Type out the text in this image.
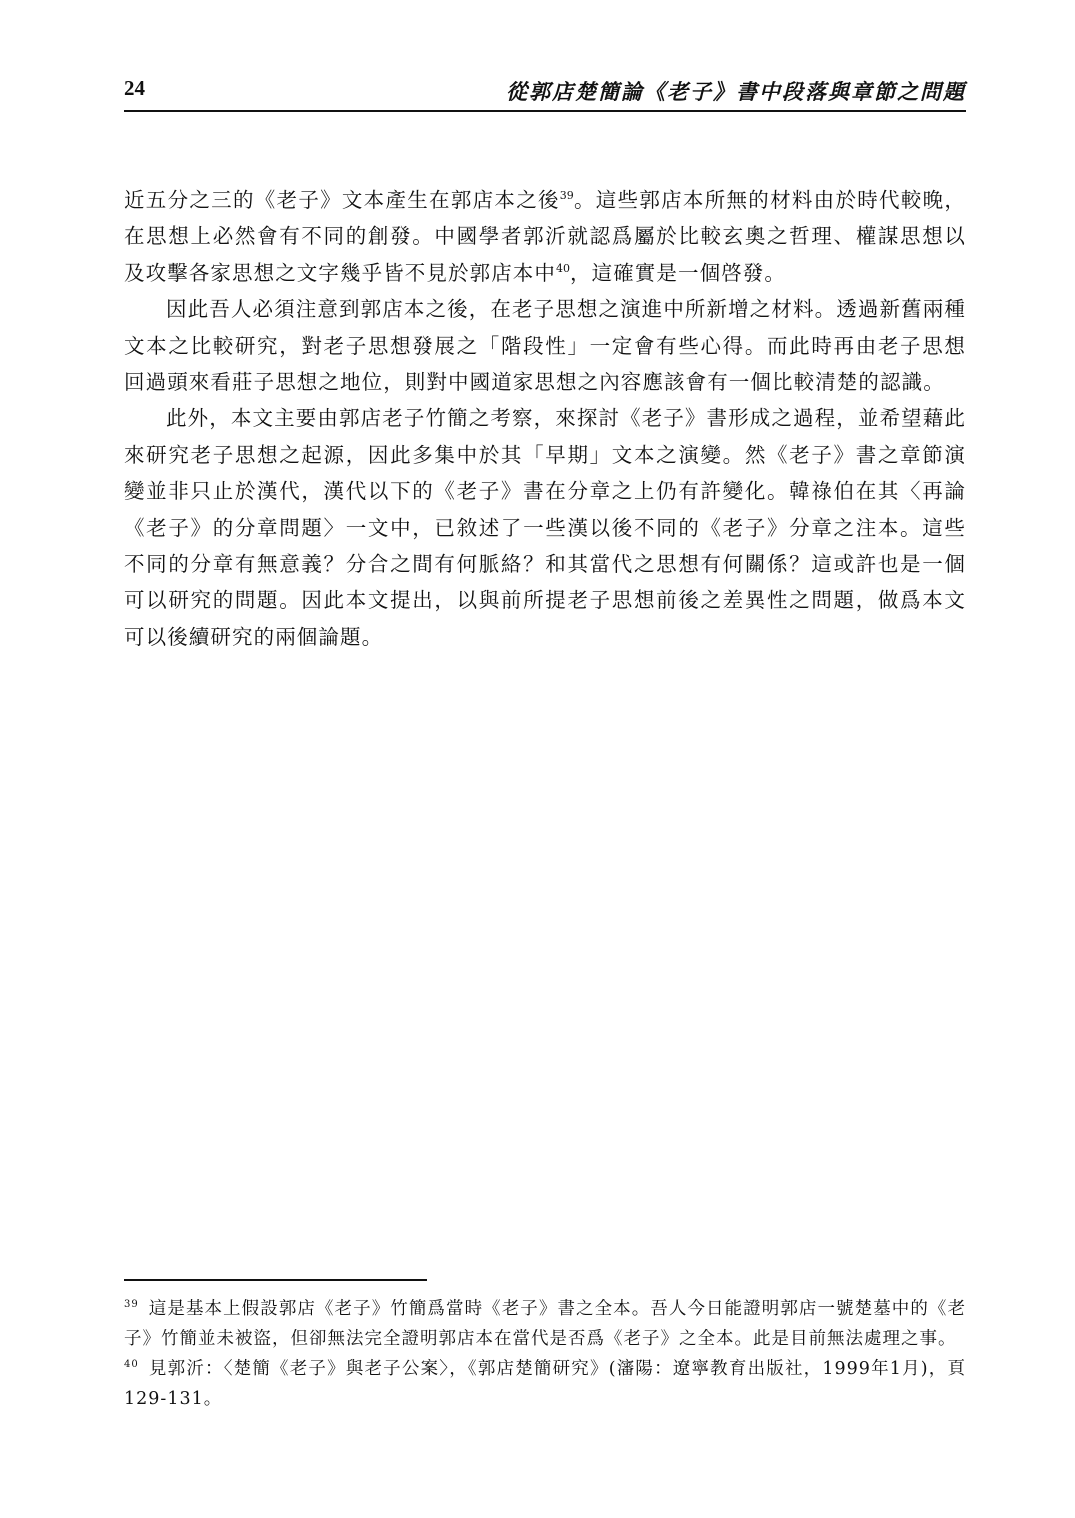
24	從郭店楚簡論《老子》書中段落與章節之問題

近五分之三的《老子》文本產生在郭店本之後$^{39}$。這些郭店本所無的材料由於時代較晚，在思想上必然會有不同的創發。中國學者郭沂就認爲屬於比較玄奧之哲理、權謀思想以及攻擊各家思想之文字幾乎皆不見於郭店本中$^{40}$，這確實是一個啓發。

因此吾人必須注意到郭店本之後，在老子思想之演進中所新增之材料。透過新舊兩種文本之比較研究，對老子思想發展之「階段性」一定會有些心得。而此時再由老子思想回過頭來看莊子思想之地位，則對中國道家思想之內容應該會有一個比較清楚的認識。

此外，本文主要由郭店老子竹簡之考察，來探討《老子》書形成之過程，並希望藉此來研究老子思想之起源，因此多集中於其「早期」文本之演變。然《老子》書之章節演變並非只止於漢代，漢代以下的《老子》書在分章之上仍有許變化。韓祿伯在其〈再論《老子》的分章問題〉一文中，已敘述了一些漢以後不同的《老子》分章之注本。這些不同的分章有無意義？分合之間有何脈絡？和其當代之思想有何關係？這或許也是一個可以研究的問題。因此本文提出，以與前所提老子思想前後之差異性之問題，做爲本文可以後續研究的兩個論題。

$^{39}$ 這是基本上假設郭店《老子》竹簡爲當時《老子》書之全本。吾人今日能證明郭店一號楚墓中的《老子》竹簡並未被盜，但卻無法完全證明郭店本在當代是否爲《老子》之全本。此是目前無法處理之事。

$^{40}$ 見郭沂：〈楚簡《老子》與老子公案〉，《郭店楚簡研究》(瀋陽：遼寧教育出版社，1999年1月)，頁129-131。
